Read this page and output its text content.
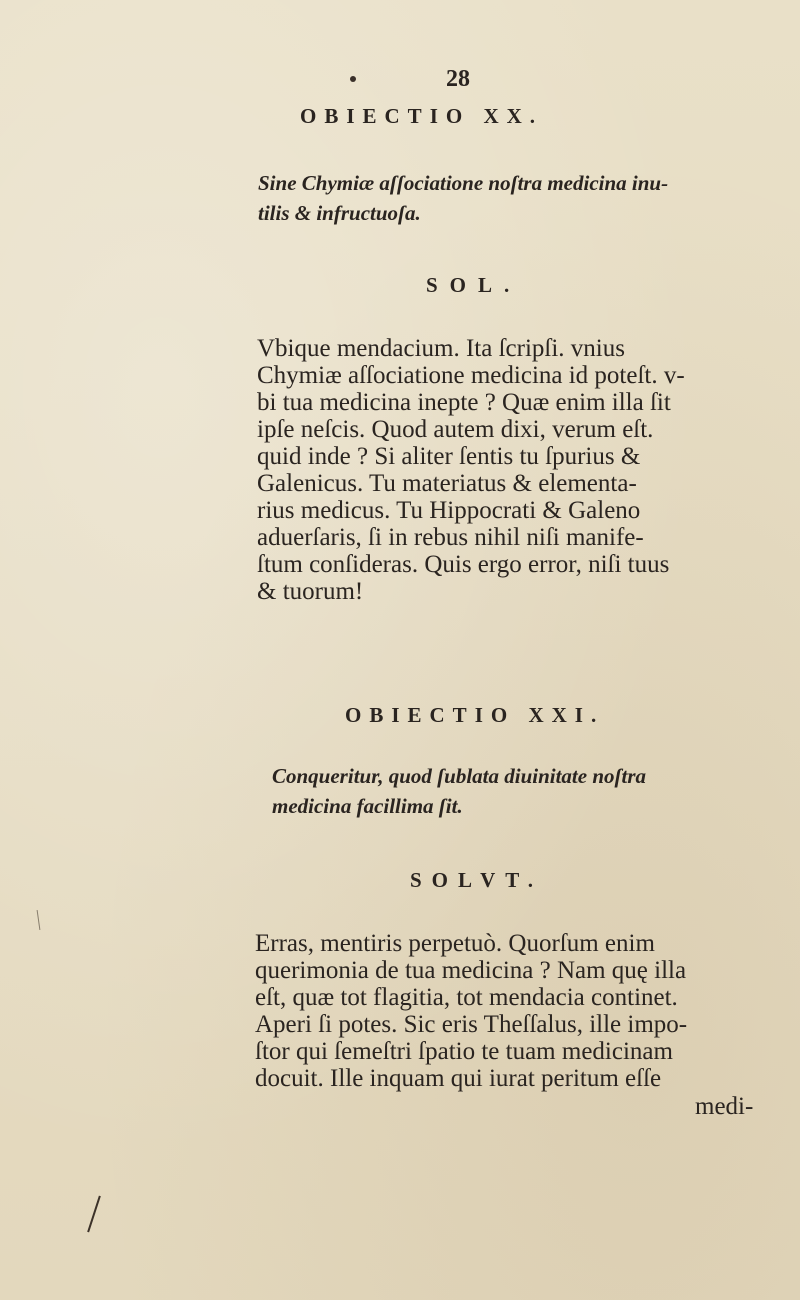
28
OBIECTIO XX.
Sine Chymiæ aſſociatione noſtra medicina inu-
tilis & infructuoſa.
SOL.
Vbique mendacium. Ita ſcripſi. vnius
Chymiæ aſſociatione medicina id poteſt. v-
bi tua medicina inepte ? Quæ enim illa ſit
ipſe neſcis. Quod autem dixi, verum eſt.
quid inde ? Si aliter ſentis tu ſpurius &
Galenicus. Tu materiatus & elementa-
rius medicus. Tu Hippocrati & Galeno
aduerſaris, ſi in rebus nihil niſi manife-
ſtum conſideras. Quis ergo error, niſi tuus
& tuorum!
OBIECTIO XXI.
Conqueritur, quod ſublata diuinitate noſtra
medicina facillima ſit.
SOLVT.
Erras, mentiris perpetuò. Quorſum enim
querimonia de tua medicina ? Nam quę illa
eſt, quæ tot flagitia, tot mendacia continet.
Aperi ſi potes. Sic eris Theſſalus, ille impo-
ſtor qui ſemeſtri ſpatio te tuam medicinam
docuit. Ille inquam qui iurat peritum eſſe
medi-
